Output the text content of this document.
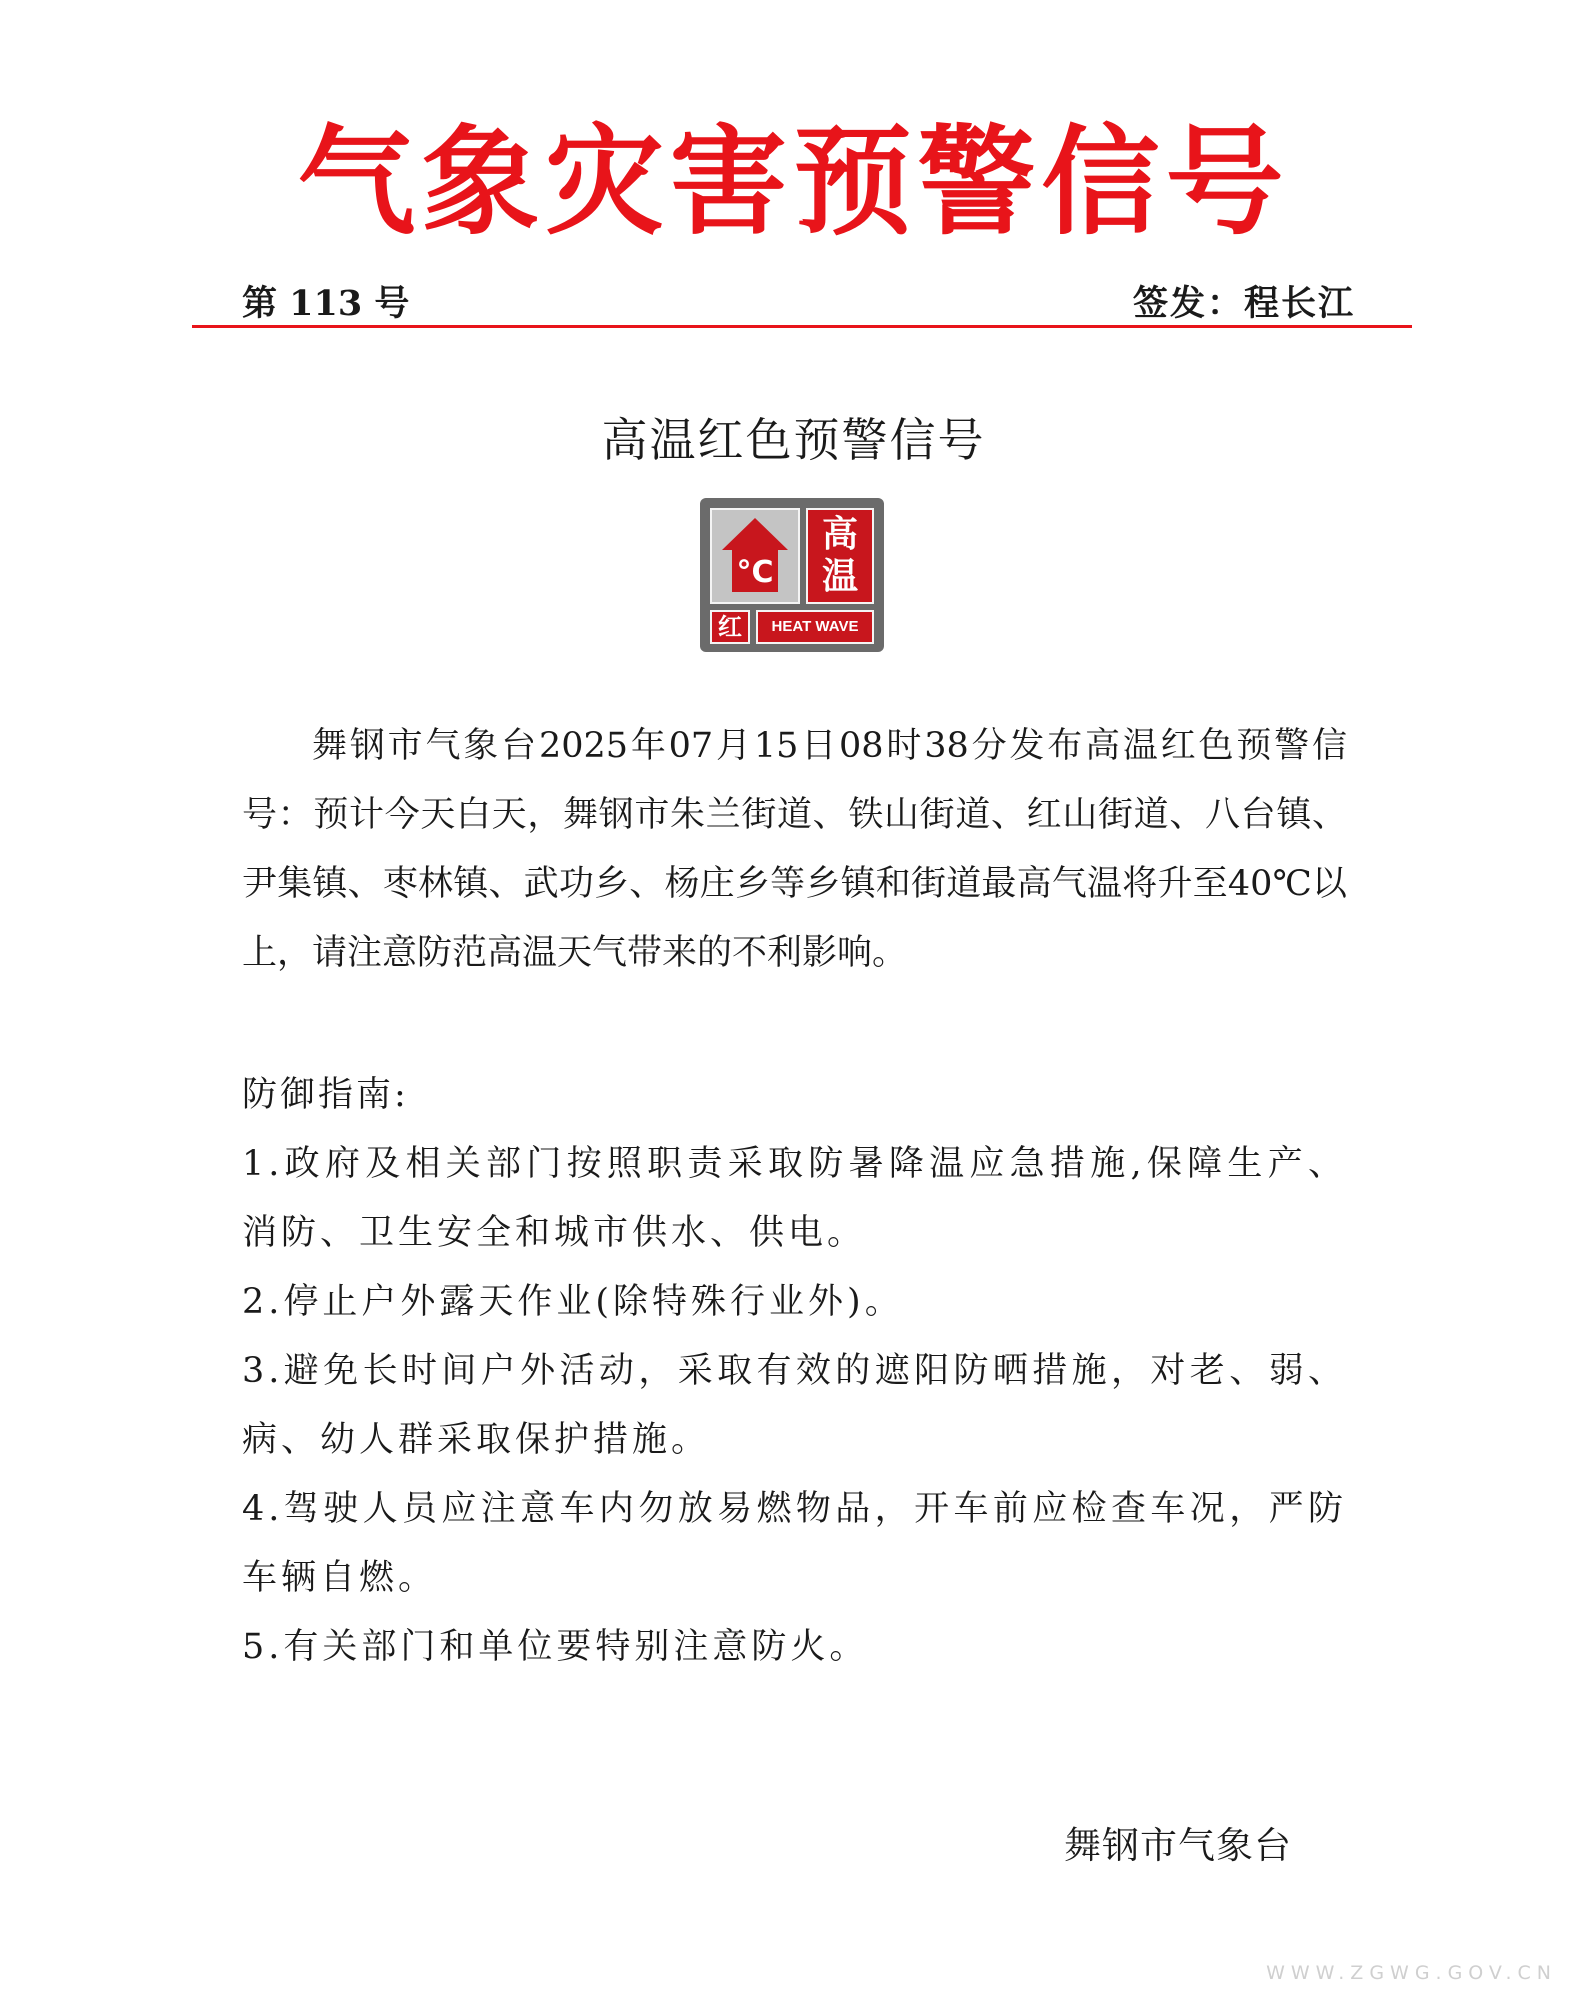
气象灾害预警信号
第 113 号	签发：程长江
高温红色预警信号
°C
高
温
红	HEAT WAVE

舞钢市气象台2025年07月15日08时38分发布高温红色预警信号：预计今天白天，舞钢市朱兰街道、铁山街道、红山街道、八台镇、尹集镇、枣林镇、武功乡、杨庄乡等乡镇和街道最高气温将升至40℃以上，请注意防范高温天气带来的不利影响。

防御指南:
1.政府及相关部门按照职责采取防暑降温应急措施,保障生产、消防、卫生安全和城市供水、供电。
2.停止户外露天作业(除特殊行业外)。
3.避免长时间户外活动，采取有效的遮阳防晒措施，对老、弱、病、幼人群采取保护措施。
4.驾驶人员应注意车内勿放易燃物品，开车前应检查车况，严防车辆自燃。
5.有关部门和单位要特别注意防火。
舞钢市气象台
WWW.ZGWG.GOV.CN
